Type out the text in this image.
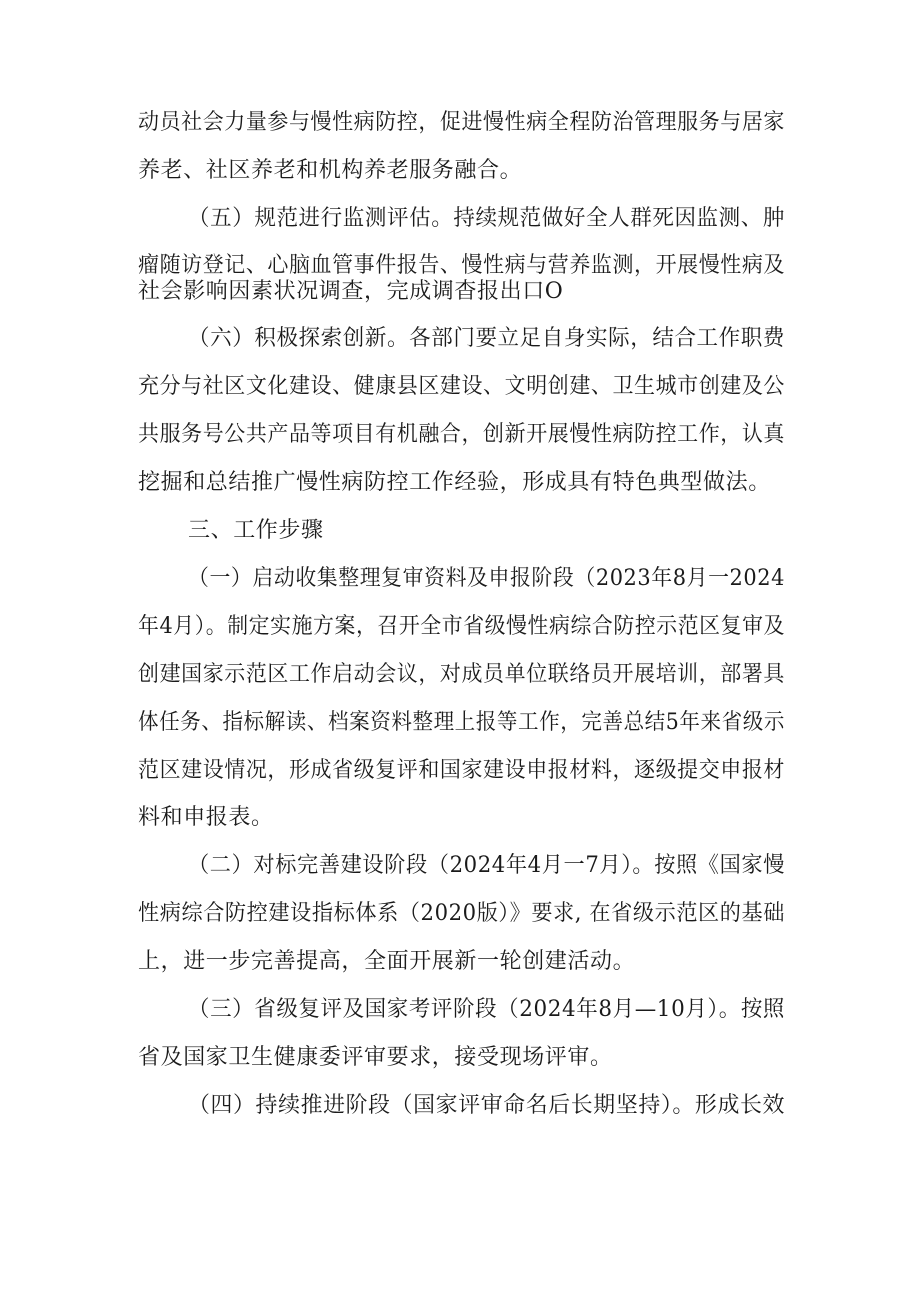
动员社会力量参与慢性病防控，促进慢性病全程防治管理服务与居家
养老、社区养老和机构养老服务融合。
（五）规范进行监测评估。持续规范做好全人群死因监测、肿
瘤随访登记、心脑血管事件报告、慢性病与营养监测，开展慢性病及
社会影响因素状况调查，完成调杳报出口O
（六）积极探索创新。各部门要立足自身实际，结合工作职费
充分与社区文化建设、健康县区建设、文明创建、卫生城市创建及公
共服务号公共产品等项目有机融合，创新开展慢性病防控工作，认真
挖掘和总结推广慢性病防控工作经验，形成具有特色典型做法。
三、工作步骤
（一）启动收集整理复审资料及申报阶段（2023年8月一2024
年4月）。制定实施方案，召开全市省级慢性病综合防控示范区复审及
创建国家示范区工作启动会议，对成员单位联络员开展培训，部署具
体任务、指标解读、档案资料整理上报等工作，完善总结5年来省级示
范区建设情况，形成省级复评和国家建设申报材料，逐级提交申报材
料和申报表。
（二）对标完善建设阶段（2024年4月一7月）。按照《国家慢
性病综合防控建设指标体系（2020版）》要求, 在省级示范区的基础
上，进一步完善提高，全面开展新一轮创建活动。
（三）省级复评及国家考评阶段（2024年8月—10月）。按照
省及国家卫生健康委评审要求，接受现场评审。
（四）持续推进阶段（国家评审命名后长期坚持）。形成长效
